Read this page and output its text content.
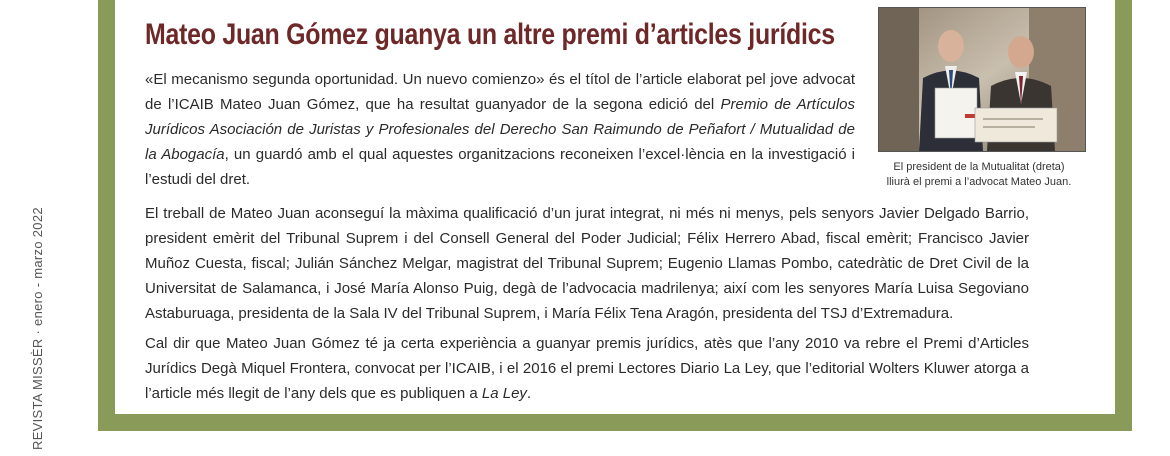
REVISTA MISSÈR · enero - marzo 2022
Mateo Juan Gómez guanya un altre premi d’articles jurídics

«El mecanismo segunda oportunidad. Un nuevo comienzo» és el títol de l’article elaborat pel jove advocat de l’ICAIB Mateo Juan Gómez, que ha resultat guanyador de la segona edició del Premio de Artículos Jurídicos Asociación de Juristas y Profesionales del Derecho San Raimundo de Peñafort / Mutualidad de la Abogacía, un guardó amb el qual aquestes organitzacions reconeixen l’excel·lència en la investigació i l’estudi del dret.

El treball de Mateo Juan aconseguí la màxima qualificació d’un jurat integrat, ni més ni menys, pels senyors Javier Delgado Barrio, president emèrit del Tribunal Suprem i del Consell General del Poder Judicial; Félix Herrero Abad, fiscal emèrit; Francisco Javier Muñoz Cuesta, fiscal; Julián Sánchez Melgar, magistrat del Tribunal Suprem; Eugenio Llamas Pombo, catedràtic de Dret Civil de la Universitat de Salamanca, i José María Alonso Puig, degà de l’advocacia madrilenya; així com les senyores María Luisa Segoviano Astaburuaga, presidenta de la Sala IV del Tribunal Suprem, i María Félix Tena Aragón, presidenta del TSJ d’Extremadura.

Cal dir que Mateo Juan Gómez té ja certa experiència a guanyar premis jurídics, atès que l’any 2010 va rebre el Premi d’Articles Jurídics Degà Miquel Frontera, convocat per l’ICAIB, i el 2016 el premi Lectores Diario La Ley, que l’editorial Wolters Kluwer atorga a l’article més llegit de l’any dels que es publiquen a La Ley.

El president de la Mutualitat (dreta)
lliurà el premi a l’advocat Mateo Juan.
